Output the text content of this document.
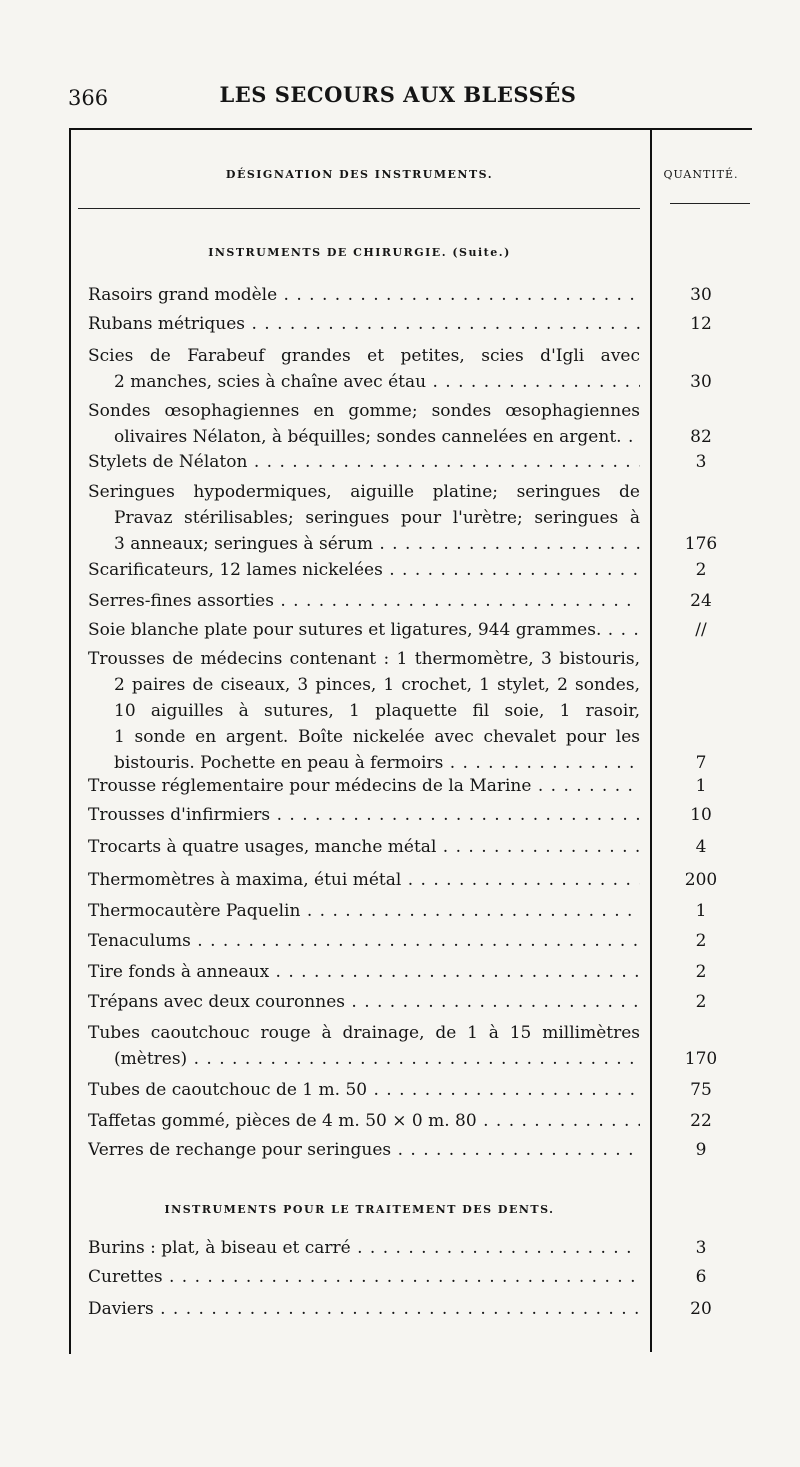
366	LES SECOURS AUX BLESSÉS
DÉSIGNATION DES INSTRUMENTS.	QUANTITÉ.
INSTRUMENTS DE CHIRURGIE. (Suite.)
Rasoirs grand modèle . . .	30
Rubans métriques . . .	12
Scies de Farabeuf grandes et petites, scies d'Igli avec
2 manches, scies à chaîne avec étau . . .	30
Sondes œsophagiennes en gomme; sondes œsophagiennes
olivaires Nélaton, à béquilles; sondes cannelées en argent. . . .	82
Stylets de Nélaton . . .	3
Seringues hypodermiques, aiguille platine; seringues de
Pravaz stérilisables; seringues pour l'urètre; seringues à
3 anneaux; seringues à sérum . . .	176
Scarificateurs, 12 lames nickelées . . .	2
Serres-fines assorties . . .	24
Soie blanche plate pour sutures et ligatures, 944 grammes. . . .	//
Trousses de médecins contenant : 1 thermomètre, 3 bistouris,
2 paires de ciseaux, 3 pinces, 1 crochet, 1 stylet, 2 sondes,
10 aiguilles à sutures, 1 plaquette fil soie, 1 rasoir,
1 sonde en argent. Boîte nickelée avec chevalet pour les
bistouris. Pochette en peau à fermoirs . . .	7
Trousse réglementaire pour médecins de la Marine . . .	1
Trousses d'infirmiers . . .	10
Trocarts à quatre usages, manche métal . . .	4
Thermomètres à maxima, étui métal . . .	200
Thermocautère Paquelin . . .	1
Tenaculums . . .	2
Tire fonds à anneaux . . .	2
Trépans avec deux couronnes . . .	2
Tubes caoutchouc rouge à drainage, de 1 à 15 millimètres
(mètres) . . .	170
Tubes de caoutchouc de 1 m. 50 . . .	75
Taffetas gommé, pièces de 4 m. 50 × 0 m. 80 . . .	22
Verres de rechange pour seringues . . .	9
INSTRUMENTS POUR LE TRAITEMENT DES DENTS.
Burins : plat, à biseau et carré . . .	3
Curettes . . .	6
Daviers . . .	20
